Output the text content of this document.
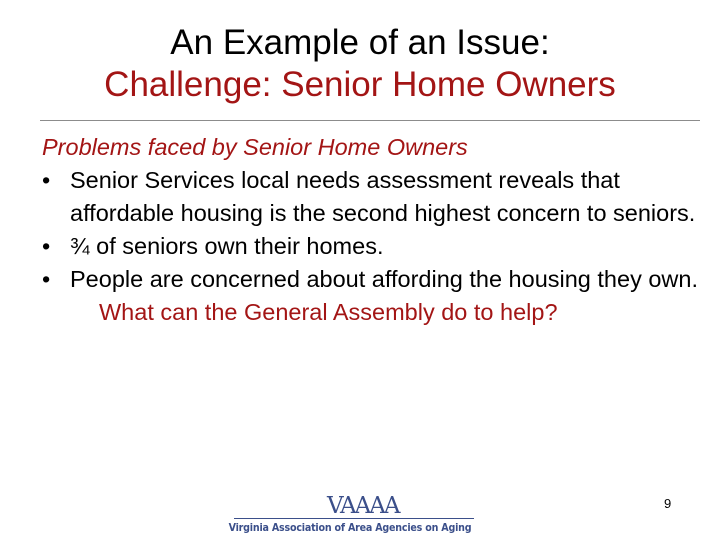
An Example of an Issue:
Challenge: Senior Home Owners
Problems faced by Senior Home Owners
• Senior Services local needs assessment reveals that affordable housing is the second highest concern to seniors.
• ¾ of seniors own their homes.
• People are concerned about affording the housing they own.
What can the General Assembly do to help?
VAAAA
Virginia Association of Area Agencies on Aging
9
